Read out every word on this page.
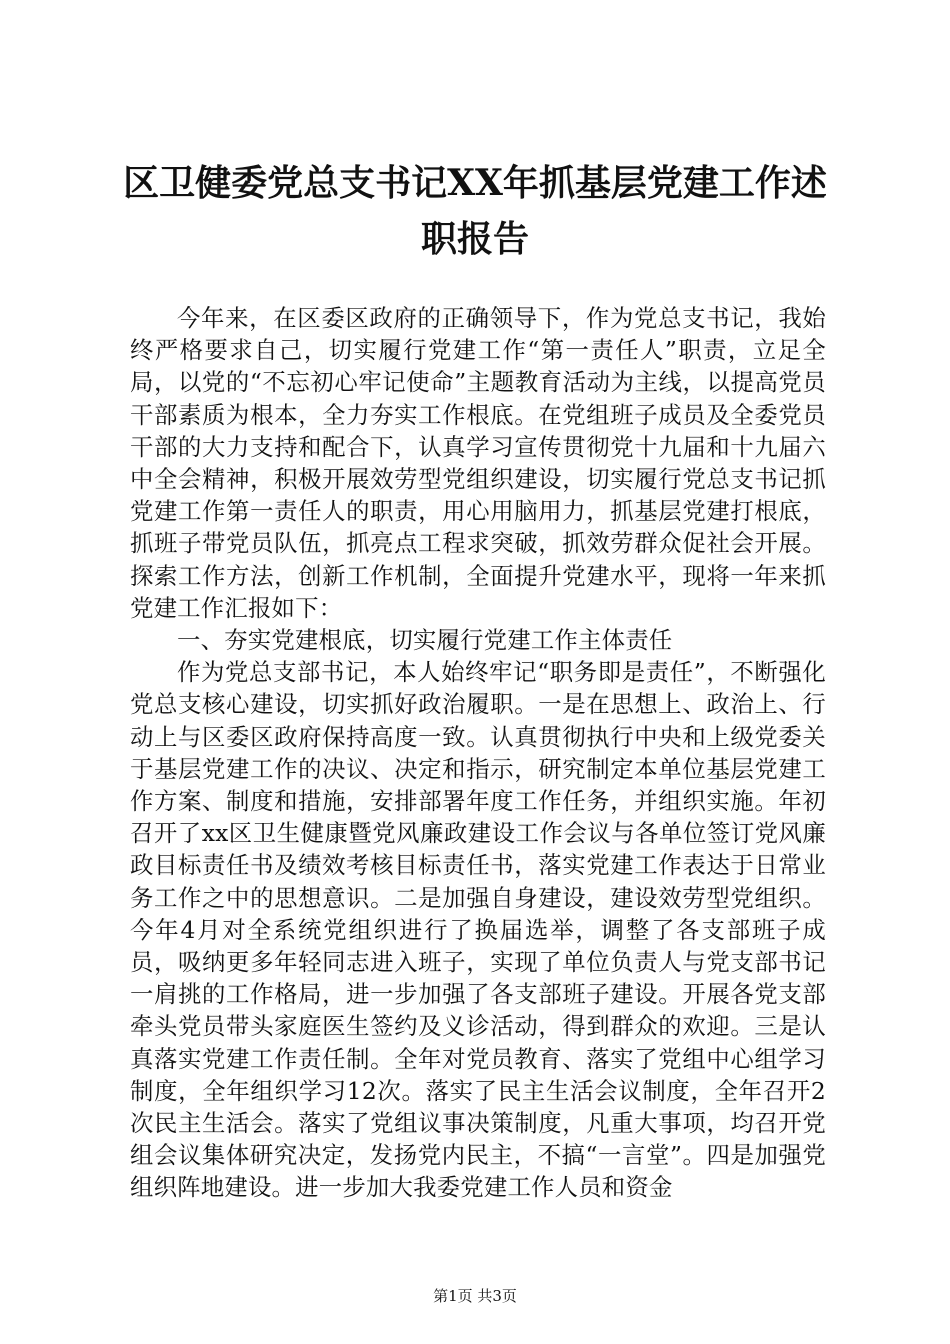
区卫健委党总支书记XX年抓基层党建工作述
职报告

今年来，在区委区政府的正确领导下，作为党总支书记，我始终严格要求自己，切实履行党建工作“第一责任人”职责，立足全局，以党的“不忘初心牢记使命”主题教育活动为主线，以提高党员干部素质为根本，全力夯实工作根底。在党组班子成员及全委党员干部的大力支持和配合下，认真学习宣传贯彻党十九届和十九届六中全会精神，积极开展效劳型党组织建设，切实履行党总支书记抓党建工作第一责任人的职责，用心用脑用力，抓基层党建打根底，抓班子带党员队伍，抓亮点工程求突破，抓效劳群众促社会开展。探索工作方法，创新工作机制，全面提升党建水平，现将一年来抓党建工作汇报如下：

一、夯实党建根底，切实履行党建工作主体责任

作为党总支部书记，本人始终牢记“职务即是责任”，不断强化党总支核心建设，切实抓好政治履职。一是在思想上、政治上、行动上与区委区政府保持高度一致。认真贯彻执行中央和上级党委关于基层党建工作的决议、决定和指示，研究制定本单位基层党建工作方案、制度和措施，安排部署年度工作任务，并组织实施。年初召开了xx区卫生健康暨党风廉政建设工作会议与各单位签订党风廉政目标责任书及绩效考核目标责任书，落实党建工作表达于日常业务工作之中的思想意识。二是加强自身建设，建设效劳型党组织。今年4月对全系统党组织进行了换届选举，调整了各支部班子成员，吸纳更多年轻同志进入班子，实现了单位负责人与党支部书记一肩挑的工作格局，进一步加强了各支部班子建设。开展各党支部牵头党员带头家庭医生签约及义诊活动，得到群众的欢迎。三是认真落实党建工作责任制。全年对党员教育、落实了党组中心组学习制度，全年组织学习12次。落实了民主生活会议制度，全年召开2次民主生活会。落实了党组议事决策制度，凡重大事项，均召开党组会议集体研究决定，发扬党内民主，不搞“一言堂”。四是加强党组织阵地建设。进一步加大我委党建工作人员和资金

第1页 共3页
